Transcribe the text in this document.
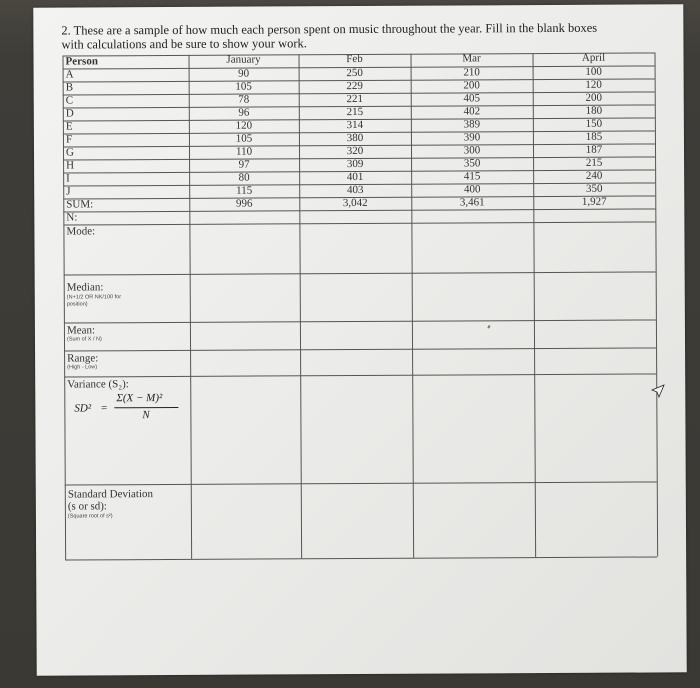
2. These are a sample of how much each person spent on music throughout the year. Fill in the blank boxes
with calculations and be sure to show your work.
Person	January	Feb	Mar	April
A	90	250	210	100
B	105	229	200	120
C	78	221	405	200
D	96	215	402	180
E	120	314	389	150
F	105	380	390	185
G	110	320	300	187
H	97	309	350	215
I	80	401	415	240
J	115	403	400	350
SUM:	996	3,042	3,461	1,927
N:
Mode:
Median:
(N+1/2 OR NK/100 for
position)
Mean:
(Sum of X / N)
Range:
(High - Low)
Variance (S₂):
SD² =
Σ(X − M)²
N
Standard Deviation
(s or sd):
(Square root of s²)
